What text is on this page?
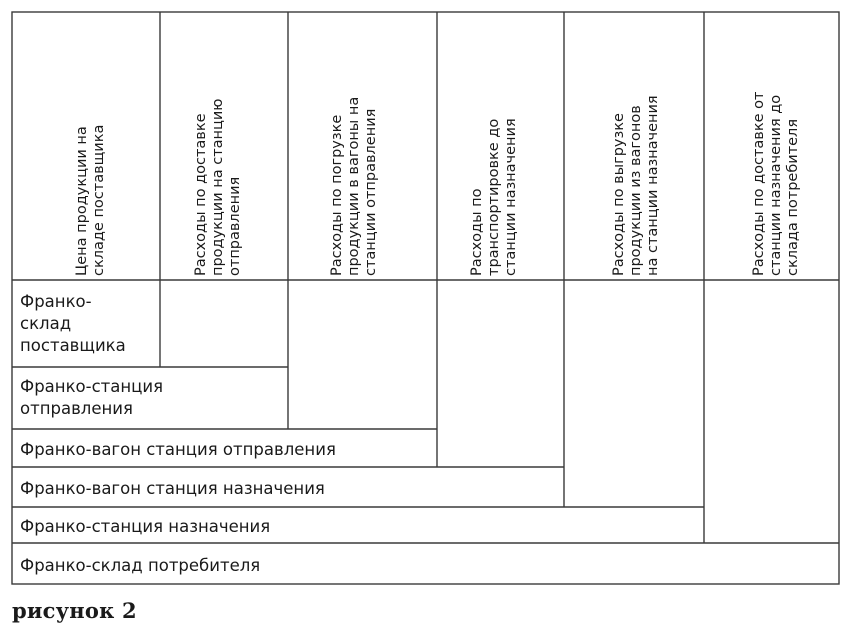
Цена продукции на складе поставщика	Расходы по доставке продукции на станцию отправления	Расходы по погрузке продукции в вагоны на станции отправления	Расходы по транспортировке до станции назначения	Расходы по выгрузке продукции из вагонов на станции назначения	Расходы по доставке от станции назначения до склада потребителя
Франко-
склад
поставщика
Франко-станция
отправления
Франко-вагон станция отправления
Франко-вагон станция назначения
Франко-станция назначения
Франко-склад потребителя
рисунок 2
